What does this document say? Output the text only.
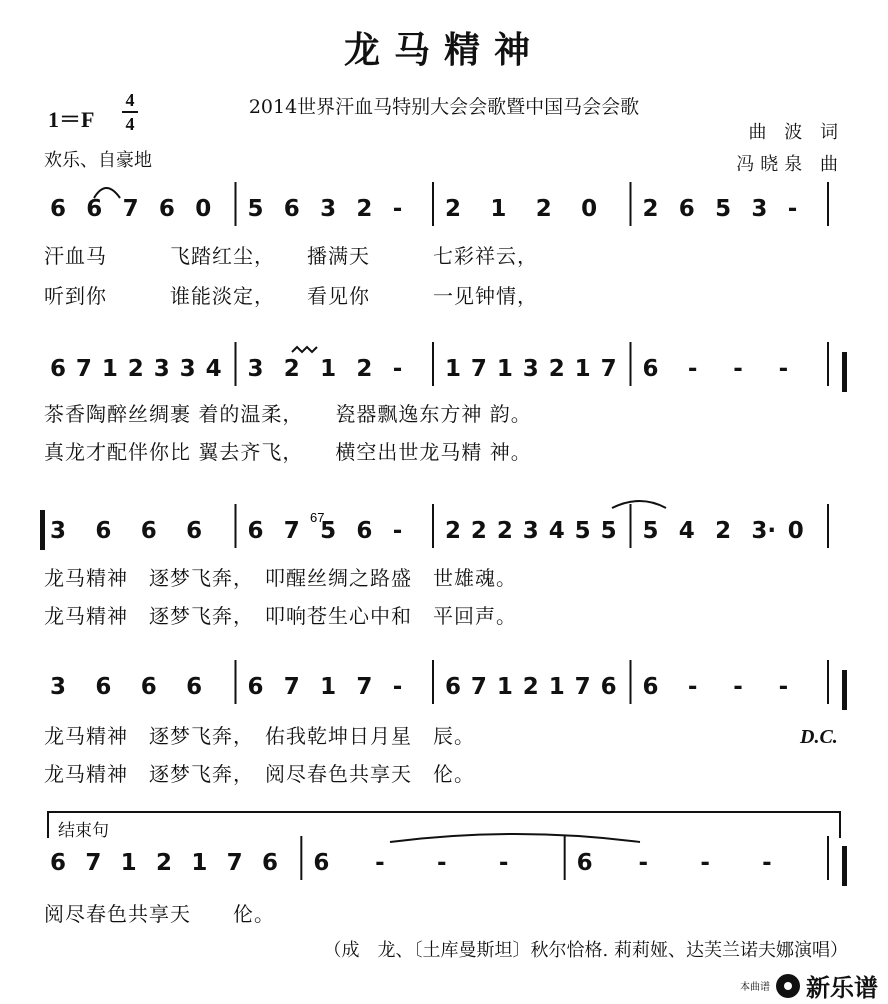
龙马精神
1＝F
4
4
2014世界汗血马特别大会会歌暨中国马会会歌
曲 波 词
冯晓泉 曲
欢乐、自豪地
6 6 7 6 0 5 6 3 2 - 2 1 2 0 2 6 5 3 -
汗血马　　　飞踏红尘，　　播满天　　　七彩祥云，
听到你　　　谁能淡定，　　看见你　　　一见钟情，
6 7 1 2 3 3 4 3 2 1 2 - 1 7 1 3 2 1 7 6 - - -
茶香陶醉丝绸裹 着的温柔，　　瓷器飘逸东方神 韵。
真龙才配伴你比 翼去齐飞，　　横空出世龙马精 神。
3 6 6 6 6 7 5 6 - 2 2 2 3 4 5 5 5 4 2 3· 0
龙马精神　逐梦飞奔，　叩醒丝绸之路盛　世雄魂。
龙马精神　逐梦飞奔，　叩响苍生心中和　平回声。
3 6 6 6 6 7 1 7 - 6 7 1 2 1 7 6 6 - - -
龙马精神　逐梦飞奔，　佑我乾坤日月星　辰。
龙马精神　逐梦飞奔，　阅尽春色共享天　伦。
6 7 1 2 1 7 6 6 - - -	6 - - -
阅尽春色共享天　　伦。
D.C.
结束句
（成　龙、〔土库曼斯坦〕秋尔恰格. 莉莉娅、达芙兰诺夫娜演唱）
本曲谱 新乐谱
67
